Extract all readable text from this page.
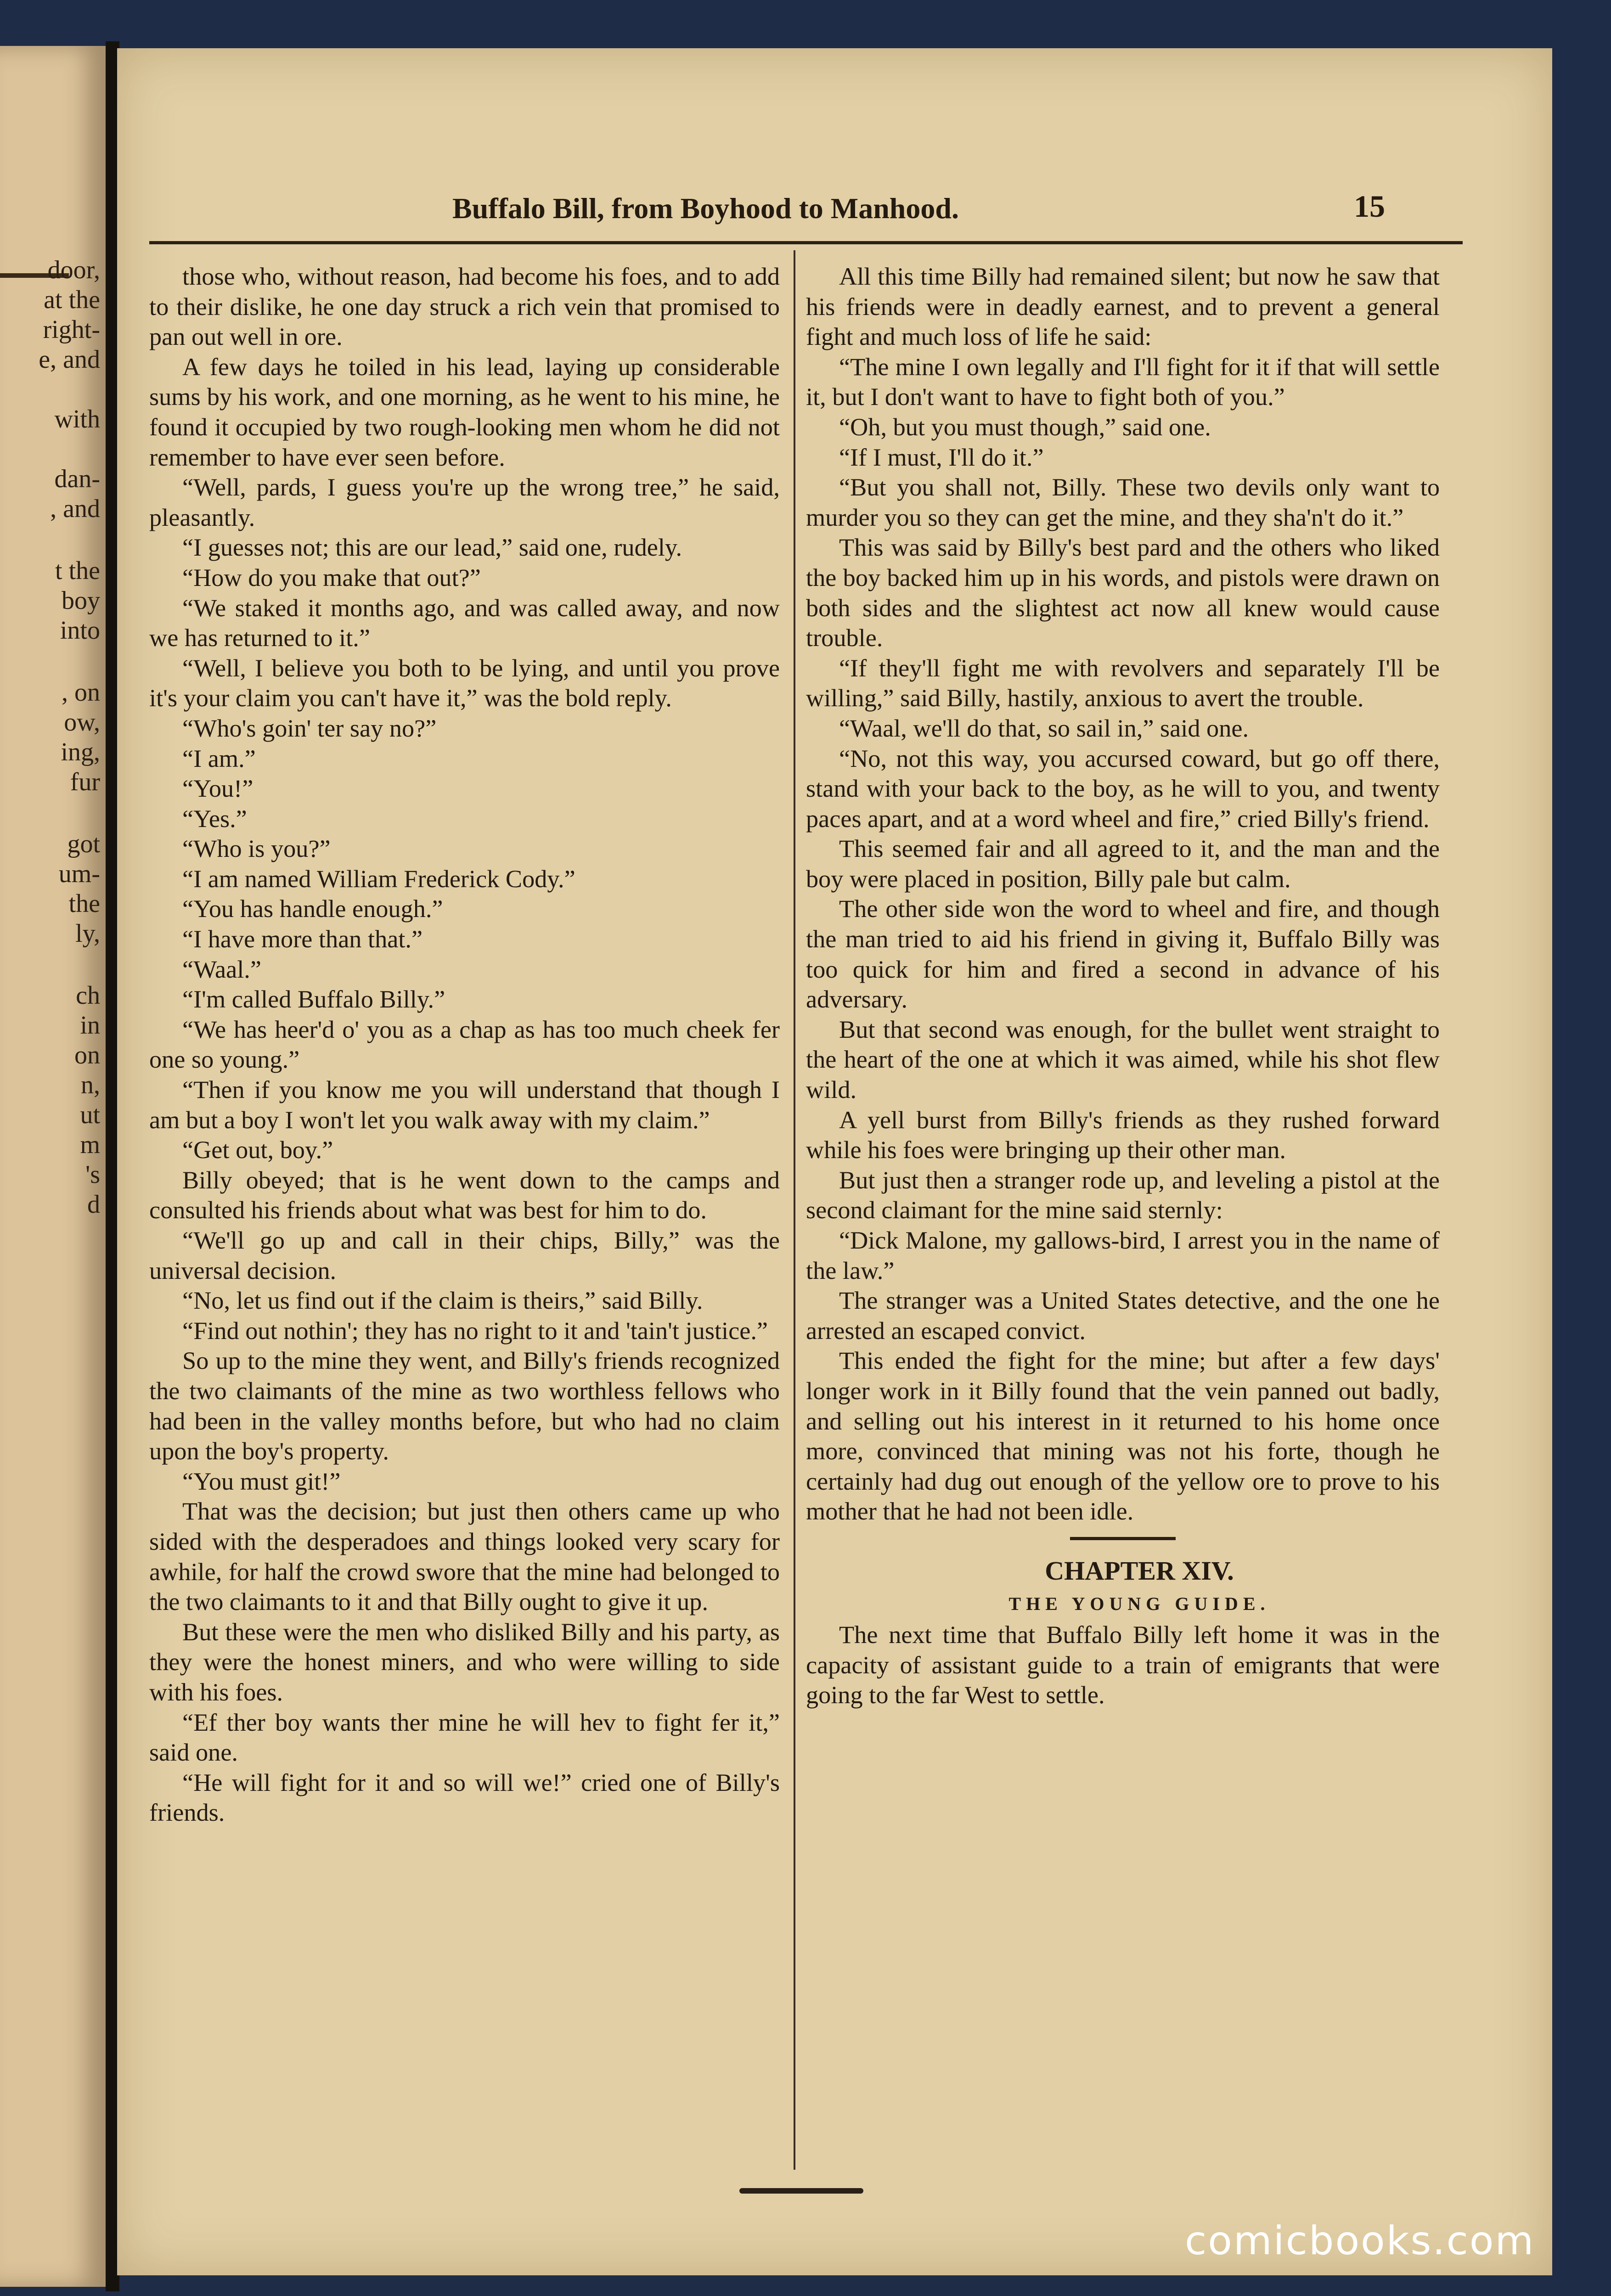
door,
at the
right-
e, and
with
dan-
, and
t the
boy
into
, on
ow,
ing,
fur
got
um-
the
ly,
ch
in
on
n,
ut
m
's
d
Buffalo Bill, from Boyhood to Manhood.	15

those who, without reason, had become his foes, and to add to their dislike, he one day struck a rich vein that promised to pan out well in ore.

A few days he toiled in his lead, laying up considerable sums by his work, and one morning, as he went to his mine, he found it occupied by two rough-looking men whom he did not remember to have ever seen before.

“Well, pards, I guess you're up the wrong tree,” he said, pleasantly.

“I guesses not; this are our lead,” said one, rudely.

“How do you make that out?”

“We staked it months ago, and was called away, and now we has returned to it.”

“Well, I believe you both to be lying, and until you prove it's your claim you can't have it,” was the bold reply.

“Who's goin' ter say no?”

“I am.”

“You!”

“Yes.”

“Who is you?”

“I am named William Frederick Cody.”

“You has handle enough.”

“I have more than that.”

“Waal.”

“I'm called Buffalo Billy.”

“We has heer'd o' you as a chap as has too much cheek fer one so young.”

“Then if you know me you will understand that though I am but a boy I won't let you walk away with my claim.”

“Get out, boy.”

Billy obeyed; that is he went down to the camps and consulted his friends about what was best for him to do.

“We'll go up and call in their chips, Billy,” was the universal decision.

“No, let us find out if the claim is theirs,” said Billy.

“Find out nothin'; they has no right to it and 'tain't justice.”

So up to the mine they went, and Billy's friends recognized the two claimants of the mine as two worthless fellows who had been in the valley months before, but who had no claim upon the boy's property.

“You must git!”

That was the decision; but just then others came up who sided with the desperadoes and things looked very scary for awhile, for half the crowd swore that the mine had belonged to the two claimants to it and that Billy ought to give it up.

But these were the men who disliked Billy and his party, as they were the honest miners, and who were willing to side with his foes.

“Ef ther boy wants ther mine he will hev to fight fer it,” said one.

“He will fight for it and so will we!” cried one of Billy's friends.

All this time Billy had remained silent; but now he saw that his friends were in deadly earnest, and to prevent a general fight and much loss of life he said:

“The mine I own legally and I'll fight for it if that will settle it, but I don't want to have to fight both of you.”

“Oh, but you must though,” said one.

“If I must, I'll do it.”

“But you shall not, Billy. These two devils only want to murder you so they can get the mine, and they sha'n't do it.”

This was said by Billy's best pard and the others who liked the boy backed him up in his words, and pistols were drawn on both sides and the slightest act now all knew would cause trouble.

“If they'll fight me with revolvers and separately I'll be willing,” said Billy, hastily, anxious to avert the trouble.

“Waal, we'll do that, so sail in,” said one.

“No, not this way, you accursed coward, but go off there, stand with your back to the boy, as he will to you, and twenty paces apart, and at a word wheel and fire,” cried Billy's friend.

This seemed fair and all agreed to it, and the man and the boy were placed in position, Billy pale but calm.

The other side won the word to wheel and fire, and though the man tried to aid his friend in giving it, Buffalo Billy was too quick for him and fired a second in advance of his adversary.

But that second was enough, for the bullet went straight to the heart of the one at which it was aimed, while his shot flew wild.

A yell burst from Billy's friends as they rushed forward while his foes were bringing up their other man.

But just then a stranger rode up, and leveling a pistol at the second claimant for the mine said sternly:

“Dick Malone, my gallows-bird, I arrest you in the name of the law.”

The stranger was a United States detective, and the one he arrested an escaped convict.

This ended the fight for the mine; but after a few days' longer work in it Billy found that the vein panned out badly, and selling out his interest in it returned to his home once more, convinced that mining was not his forte, though he certainly had dug out enough of the yellow ore to prove to his mother that he had not been idle.

CHAPTER XIV.

THE YOUNG GUIDE.

The next time that Buffalo Billy left home it was in the capacity of assistant guide to a train of emigrants that were going to the far West to settle.

comicbooks.com
